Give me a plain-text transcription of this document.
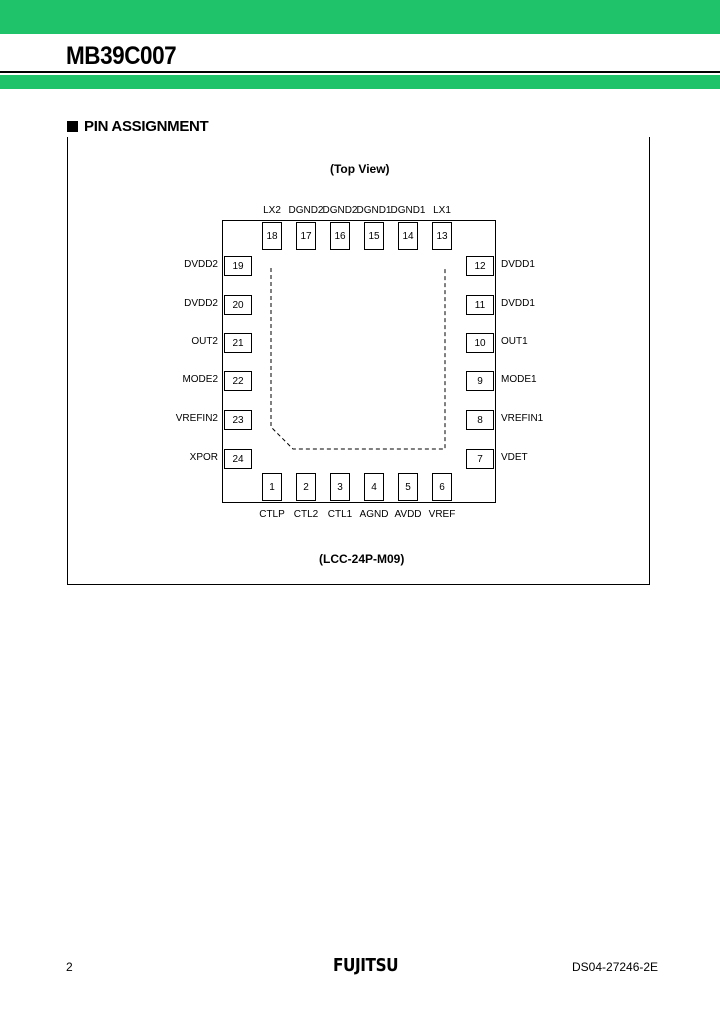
MB39C007
PIN ASSIGNMENT
(Top View)
18
LX2
17
DGND2
16
DGND2
15
DGND1
14
DGND1
13
LX1
1
CTLP
2
CTL2
3
CTL1
4
AGND
5
AVDD
6
VREF
19
DVDD2
20
DVDD2
21
OUT2
22
MODE2
23
VREFIN2
24
XPOR
12	DVDD1
11	DVDD1
10	OUT1
9	MODE1
8	VREFIN1
7	VDET
(LCC-24P-M09)
2	FUJITSU	DS04-27246-2E
